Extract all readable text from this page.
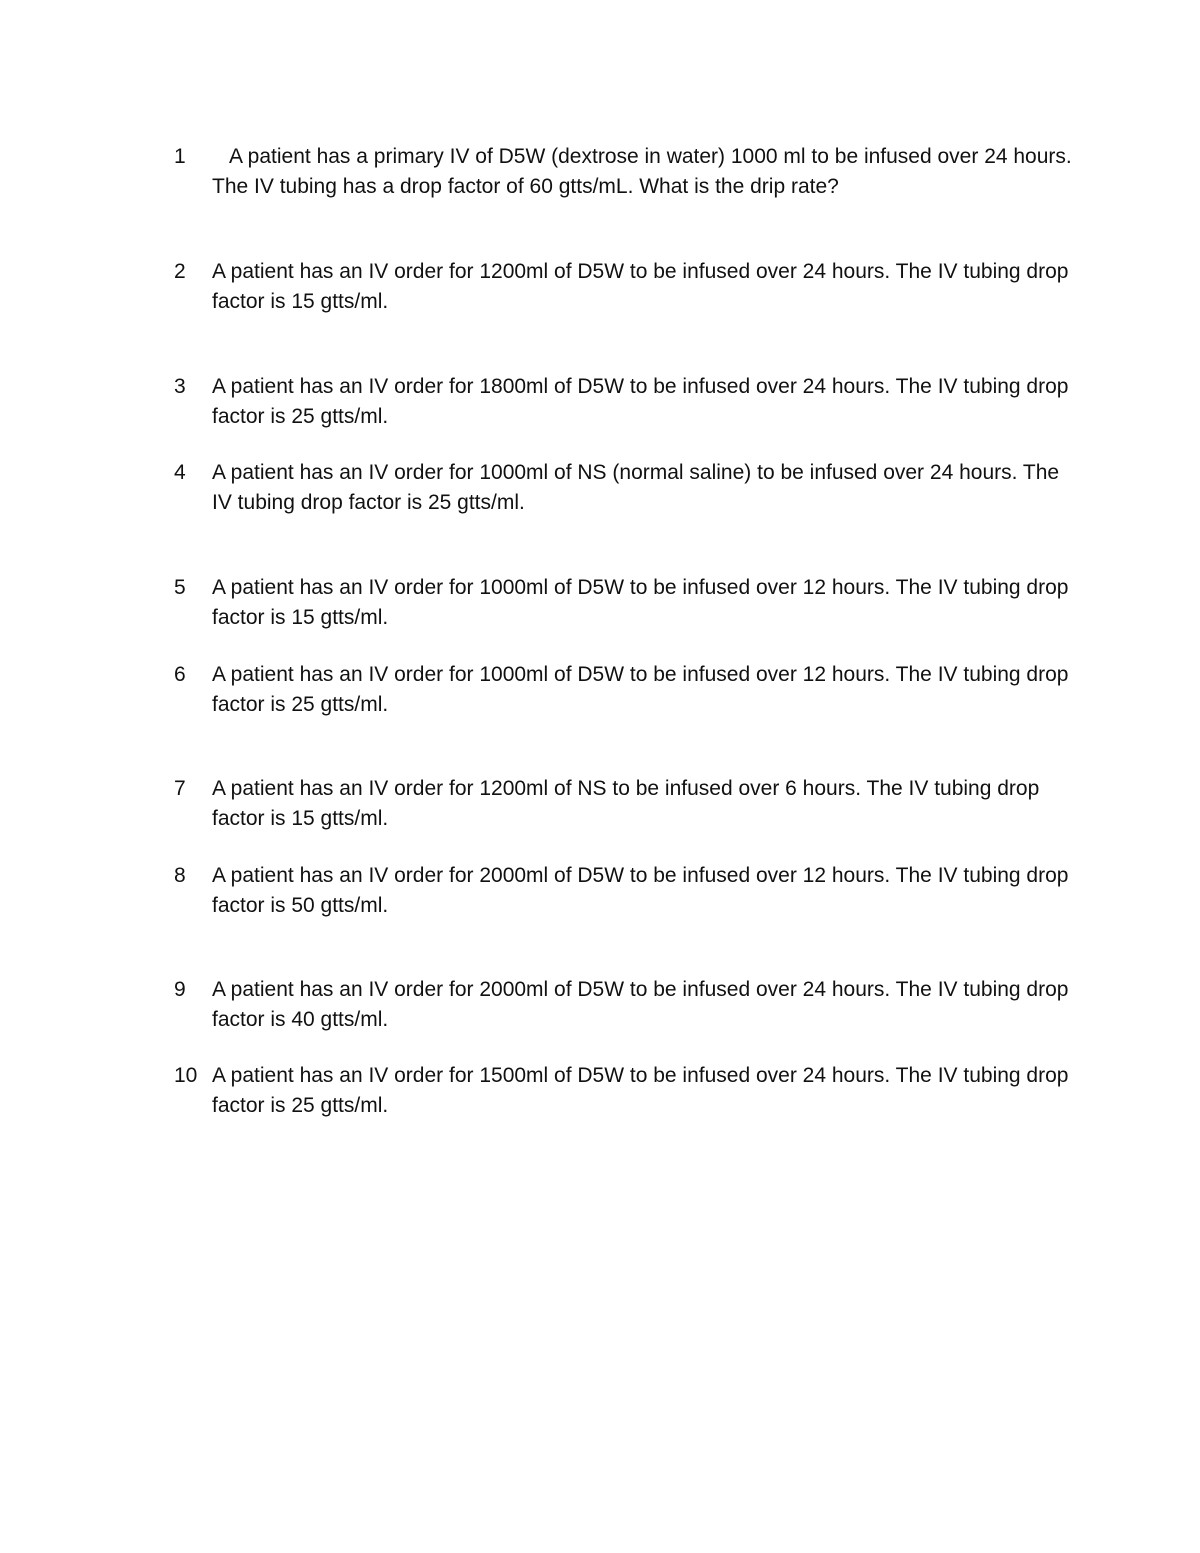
1	A patient has a primary IV of D5W (dextrose in water) 1000 ml to be infused over 24 hours. The IV tubing has a drop factor of 60 gtts/mL. What is the drip rate?
2	A patient has an IV order for 1200ml of D5W to be infused over 24 hours. The IV tubing drop factor is 15 gtts/ml.
3	A patient has an IV order for 1800ml of D5W to be infused over 24 hours. The IV tubing drop factor is 25 gtts/ml.
4	A patient has an IV order for 1000ml of NS (normal saline) to be infused over 24 hours. The IV tubing drop factor is 25 gtts/ml.
5	A patient has an IV order for 1000ml of D5W to be infused over 12 hours. The IV tubing drop factor is 15 gtts/ml.
6	A patient has an IV order for 1000ml of D5W to be infused over 12 hours. The IV tubing drop factor is 25 gtts/ml.
7	A patient has an IV order for 1200ml of NS to be infused over 6 hours. The IV tubing drop factor is 15 gtts/ml.
8	A patient has an IV order for 2000ml of D5W to be infused over 12 hours. The IV tubing drop factor is 50 gtts/ml.
9	A patient has an IV order for 2000ml of D5W to be infused over 24 hours. The IV tubing drop factor is 40 gtts/ml.
10 A patient has an IV order for 1500ml of D5W to be infused over 24 hours. The IV tubing drop factor is 25 gtts/ml.
